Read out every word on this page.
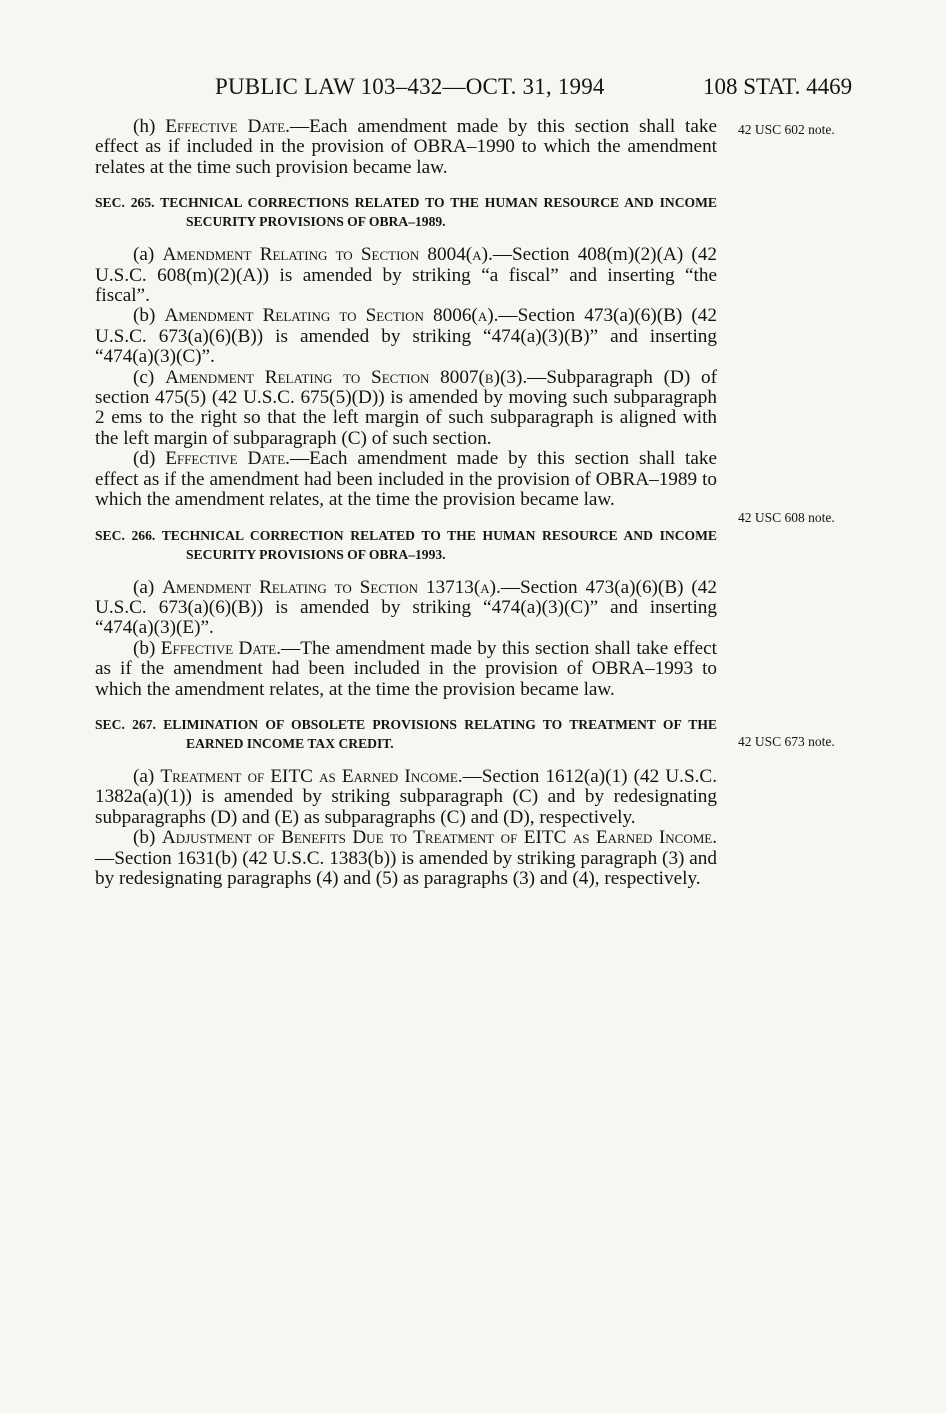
PUBLIC LAW 103–432—OCT. 31, 1994	108 STAT. 4469
42 USC 602 note.
42 USC 608 note.
42 USC 673 note.

(h) Effective Date.—Each amendment made by this section shall take effect as if included in the provision of OBRA–1990 to which the amendment relates at the time such provision became law.

SEC. 265. TECHNICAL CORRECTIONS RELATED TO THE HUMAN RESOURCE AND INCOME SECURITY PROVISIONS OF OBRA–1989.

(a) Amendment Relating to Section 8004(a).—Section 408(m)(2)(A) (42 U.S.C. 608(m)(2)(A)) is amended by striking “a fiscal” and inserting “the fiscal”.

(b) Amendment Relating to Section 8006(a).—Section 473(a)(6)(B) (42 U.S.C. 673(a)(6)(B)) is amended by striking “474(a)(3)(B)” and inserting “474(a)(3)(C)”.

(c) Amendment Relating to Section 8007(b)(3).—Subparagraph (D) of section 475(5) (42 U.S.C. 675(5)(D)) is amended by moving such subparagraph 2 ems to the right so that the left margin of such subparagraph is aligned with the left margin of subparagraph (C) of such section.

(d) Effective Date.—Each amendment made by this section shall take effect as if the amendment had been included in the provision of OBRA–1989 to which the amendment relates, at the time the provision became law.

SEC. 266. TECHNICAL CORRECTION RELATED TO THE HUMAN RESOURCE AND INCOME SECURITY PROVISIONS OF OBRA–1993.

(a) Amendment Relating to Section 13713(a).—Section 473(a)(6)(B) (42 U.S.C. 673(a)(6)(B)) is amended by striking “474(a)(3)(C)” and inserting “474(a)(3)(E)”.

(b) Effective Date.—The amendment made by this section shall take effect as if the amendment had been included in the provision of OBRA–1993 to which the amendment relates, at the time the provision became law.

SEC. 267. ELIMINATION OF OBSOLETE PROVISIONS RELATING TO TREATMENT OF THE EARNED INCOME TAX CREDIT.

(a) Treatment of EITC as Earned Income.—Section 1612(a)(1) (42 U.S.C. 1382a(a)(1)) is amended by striking subparagraph (C) and by redesignating subparagraphs (D) and (E) as subparagraphs (C) and (D), respectively.

(b) Adjustment of Benefits Due to Treatment of EITC as Earned Income.—Section 1631(b) (42 U.S.C. 1383(b)) is amended by striking paragraph (3) and by redesignating paragraphs (4) and (5) as paragraphs (3) and (4), respectively.
